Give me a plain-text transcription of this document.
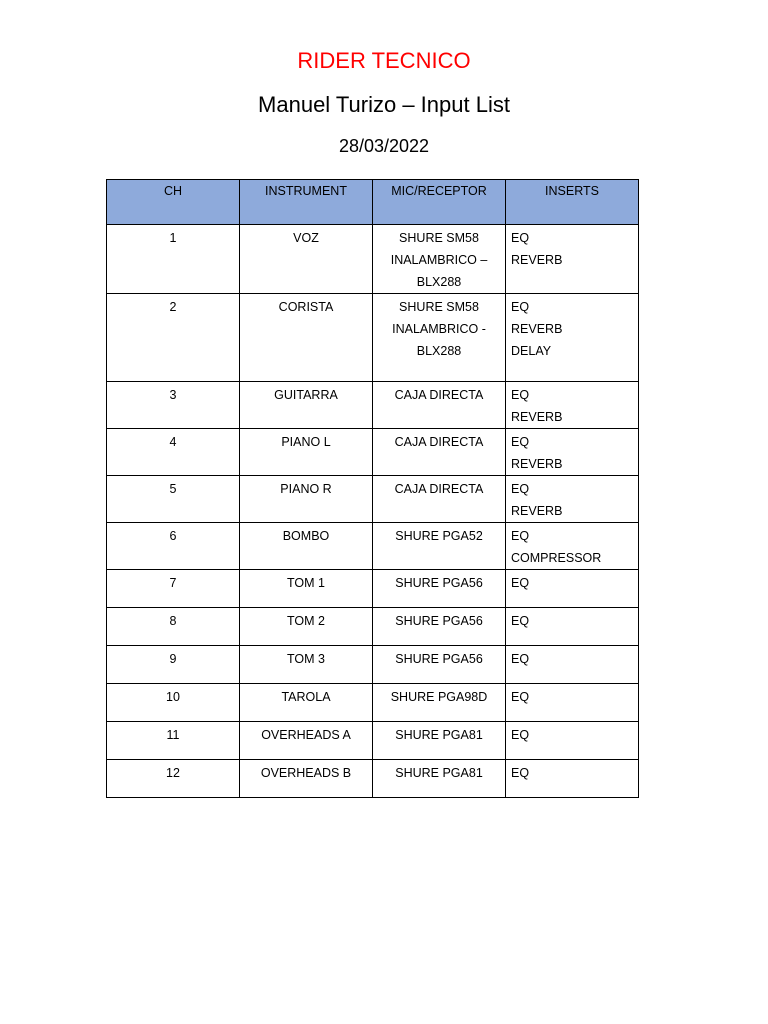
RIDER TECNICO
Manuel Turizo – Input List
28/03/2022
CH	INSTRUMENT	MIC/RECEPTOR	INSERTS
1	VOZ	SHURE SM58
INALAMBRICO –
BLX288	EQ
REVERB

2	CORISTA	SHURE SM58
INALAMBRICO -
BLX288	EQ
REVERB
DELAY

3	GUITARRA	CAJA DIRECTA	EQ
REVERB

4	PIANO L	CAJA DIRECTA	EQ
REVERB

5	PIANO R	CAJA DIRECTA	EQ
REVERB

6	BOMBO	SHURE PGA52	EQ
COMPRESSOR

7	TOM 1	SHURE PGA56	EQ

8	TOM 2	SHURE PGA56	EQ

9	TOM 3	SHURE PGA56	EQ

10	TAROLA	SHURE PGA98D	EQ

11	OVERHEADS A	SHURE PGA81	EQ

12	OVERHEADS B	SHURE PGA81	EQ
